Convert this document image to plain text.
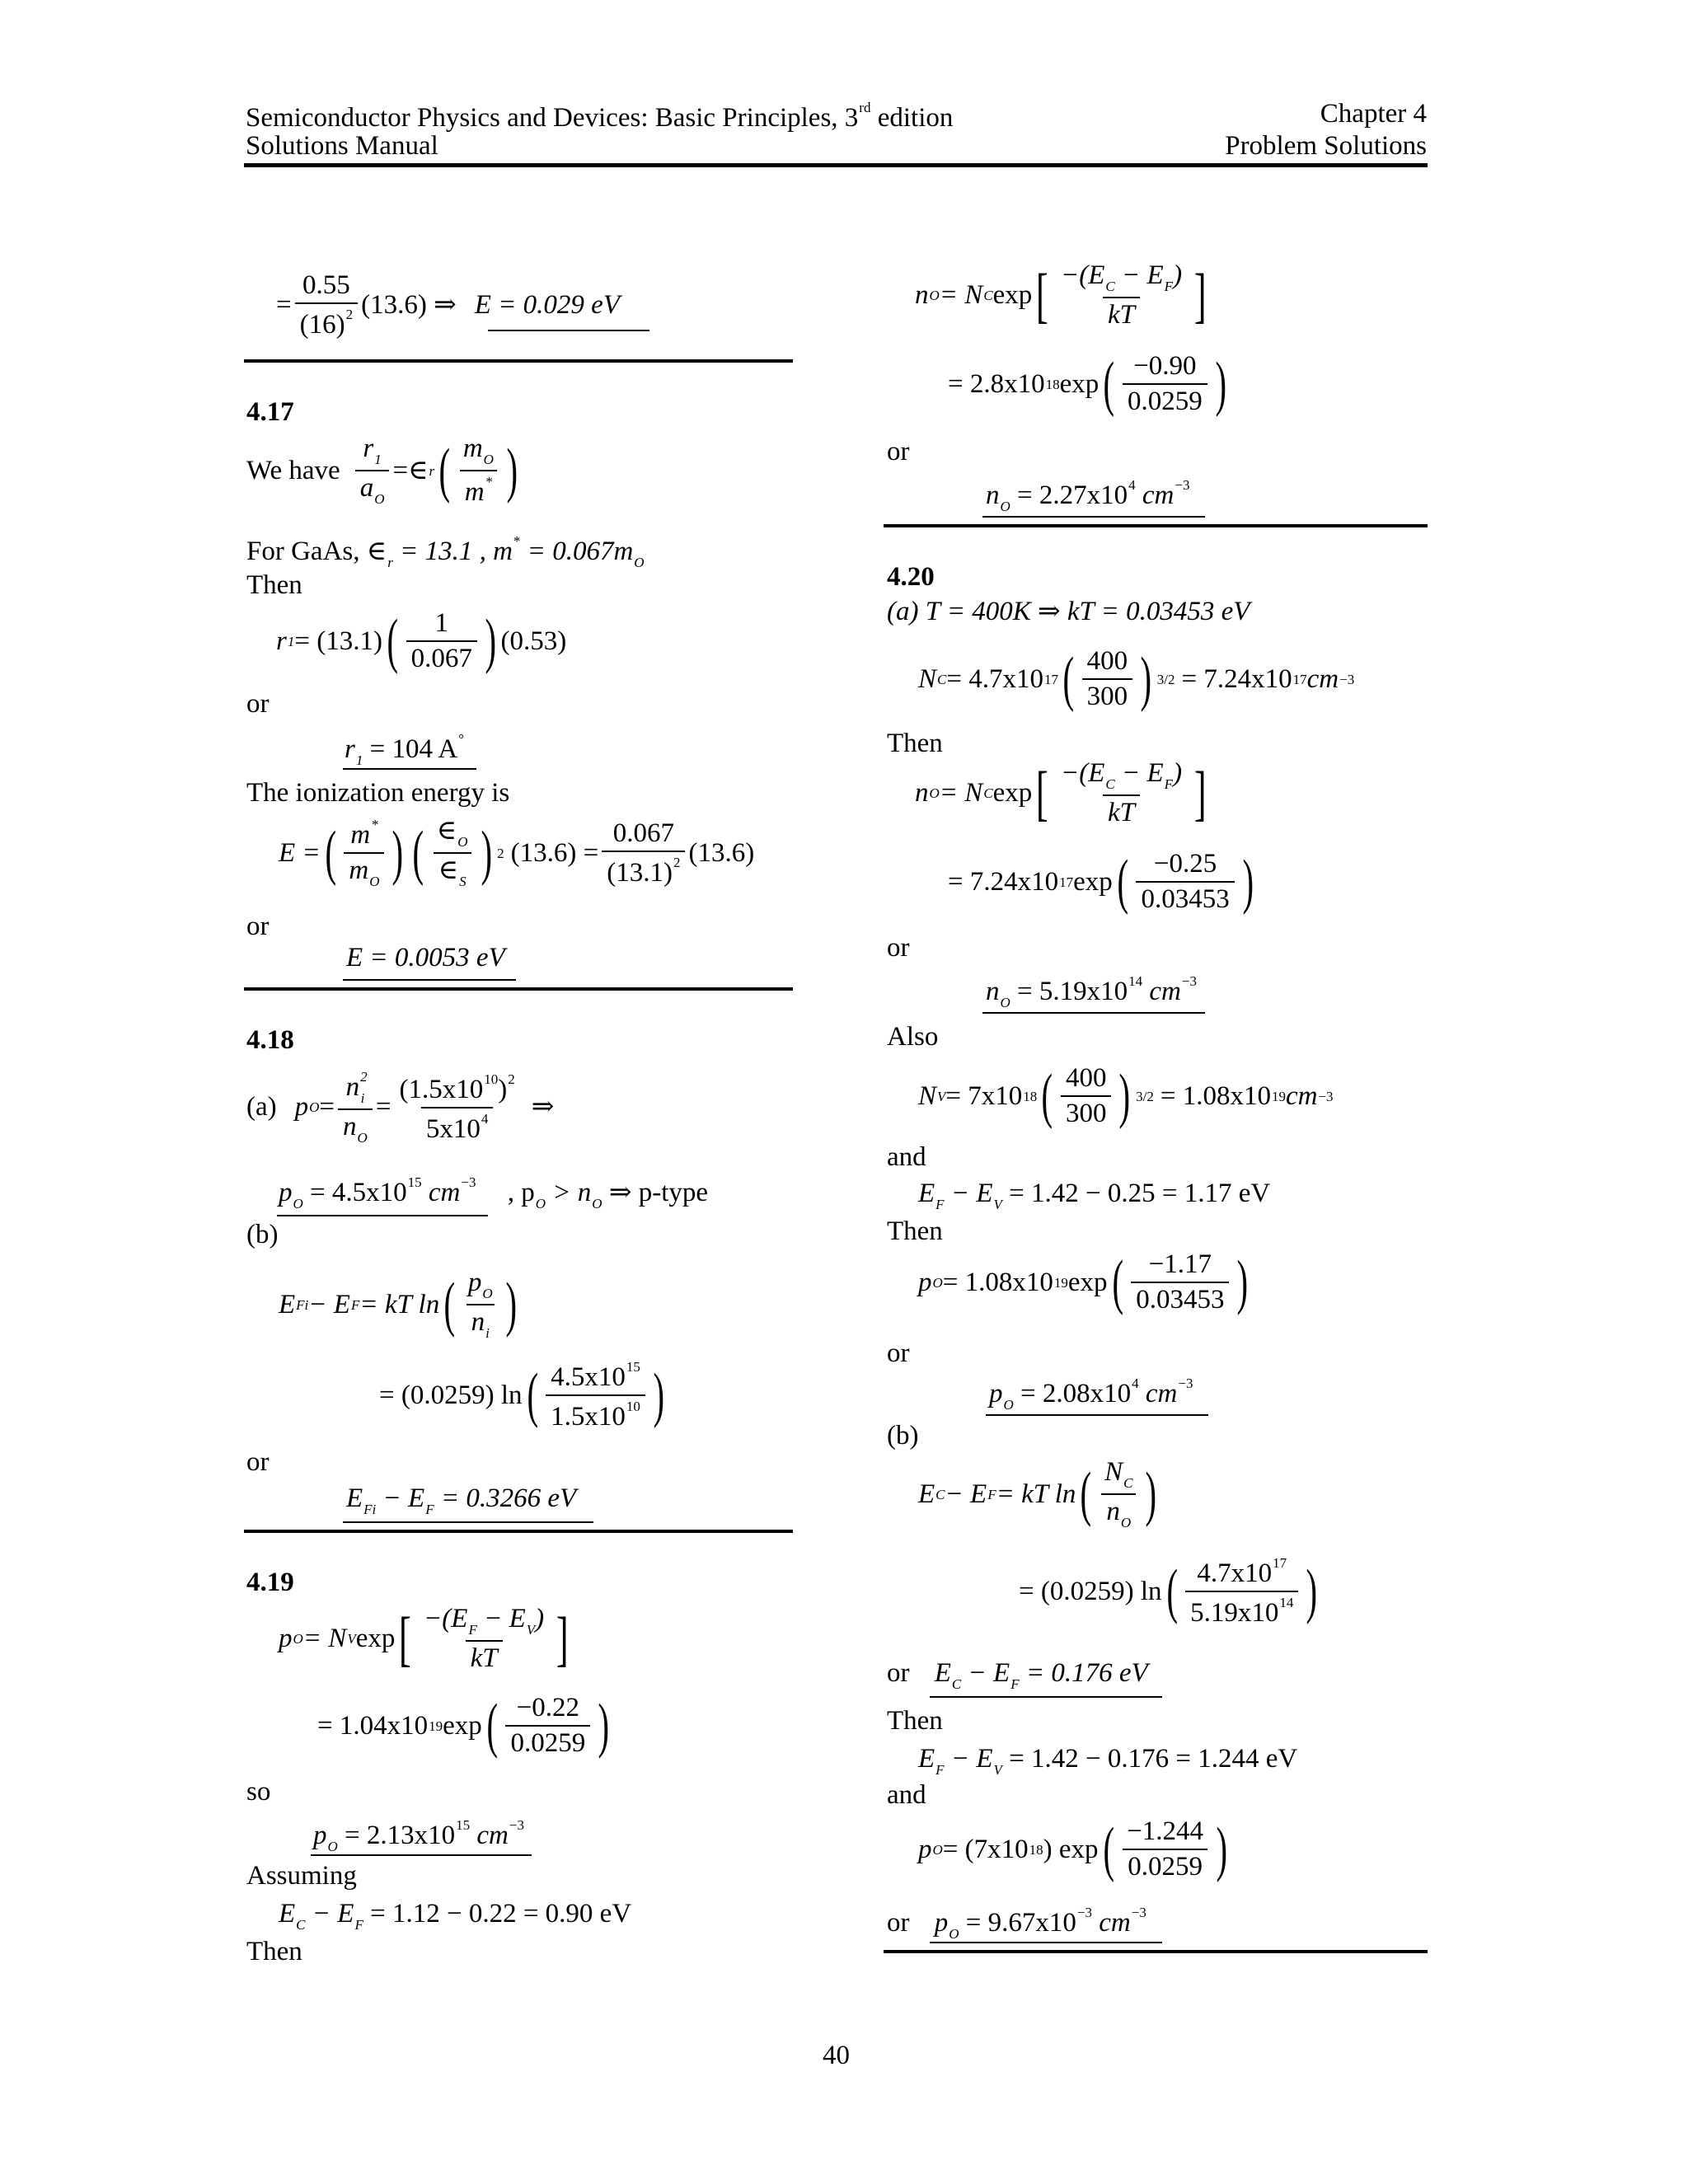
Semiconductor Physics and Devices: Basic Principles, 3rd edition
Solutions Manual
Chapter 4
Problem Solutions
= $\frac{0.55}{(16)^2} (13.6)$ ⇒ E = 0.029 eV
4.17
We have $\frac{r_1}{a_O}$ =∈ r ( $\frac{m_O}{m^*}$ )
For GaAs, $\in_r = 13.1$ , $m^* = 0.067m_O$
Then
r 1 = (13.1) ( $\frac{1}{0.067}$ ) (0.53)
or
$r_1 = 104$ A°
The ionization energy is
E = ( $\frac{m^*}{m_O}$ ) ( $\frac{\in_O}{\in_S}$ ) 2 $(13.6) = \frac{0.067}{(13.1)^2} (13.6)$
or
E = 0.0053 eV
4.18
(a) p $O = \frac{n^2_i}{n_O} = \frac{(1.5x10^{10})^2}{5x10^4}$ ⇒
$p_O = 4.5x10^{15}$ $cm^{-3}$ , $p_O > n_O$ ⇒ p-type
(b)
E Fi − E F = kT ln ( $\frac{p_O}{n_i}$ )
= (0.0259) ln ( $\frac{4.5x10^{15}}{1.5x10^{10}}$ )
or
$E_{Fi} - E_F = 0.3266$ eV
4.19
p O = N V exp [ $\frac{-(E_F - E_V)}{kT}$ ]
= 1.04x10 19 exp ( $\frac{-0.22}{0.0259}$ )
so
$p_O = 2.13x10^{15}$ $cm^{-3}$
Assuming
$E_C - E_F = 1.12 - 0.22 = 0.90$ eV
Then
n O = N C exp [ $\frac{-(E_C - E_F)}{kT}$ ]
= 2.8x10 18 exp ( $\frac{-0.90}{0.0259}$ )
or
$n_O = 2.27x10^4$ $cm^{-3}$
4.20
(a) T = 400K ⇒ kT = 0.03453 eV
N C = 4.7x10 17 ( $\frac{400}{300}$ ) 3/2 = 7.24x10 17 cm −3
Then
n O = N C exp [ $\frac{-(E_C - E_F)}{kT}$ ]
= 7.24x10 17 exp ( $\frac{-0.25}{0.03453}$ )
or
$n_O = 5.19x10^{14}$ $cm^{-3}$
Also
N V = 7x10 18 ( $\frac{400}{300}$ ) 3/2 = 1.08x10 19 cm −3
and
$E_F - E_V = 1.42 - 0.25 = 1.17$ eV
Then
p O = 1.08x10 19 exp ( $\frac{-1.17}{0.03453}$ )
or
$p_O = 2.08x10^4$ $cm^{-3}$
(b)
E C − E F = kT ln ( $\frac{N_C}{n_O}$ )
= (0.0259) ln ( $\frac{4.7x10^{17}}{5.19x10^{14}}$ )
or $E_C - E_F = 0.176$ eV
Then
$E_F - E_V = 1.42 - 0.176 = 1.244$ eV
and
p O = (7x10 18 ) exp ( $\frac{-1.244}{0.0259}$ )
or $p_O = 9.67x10^{-3}$ $cm^{-3}$
40
